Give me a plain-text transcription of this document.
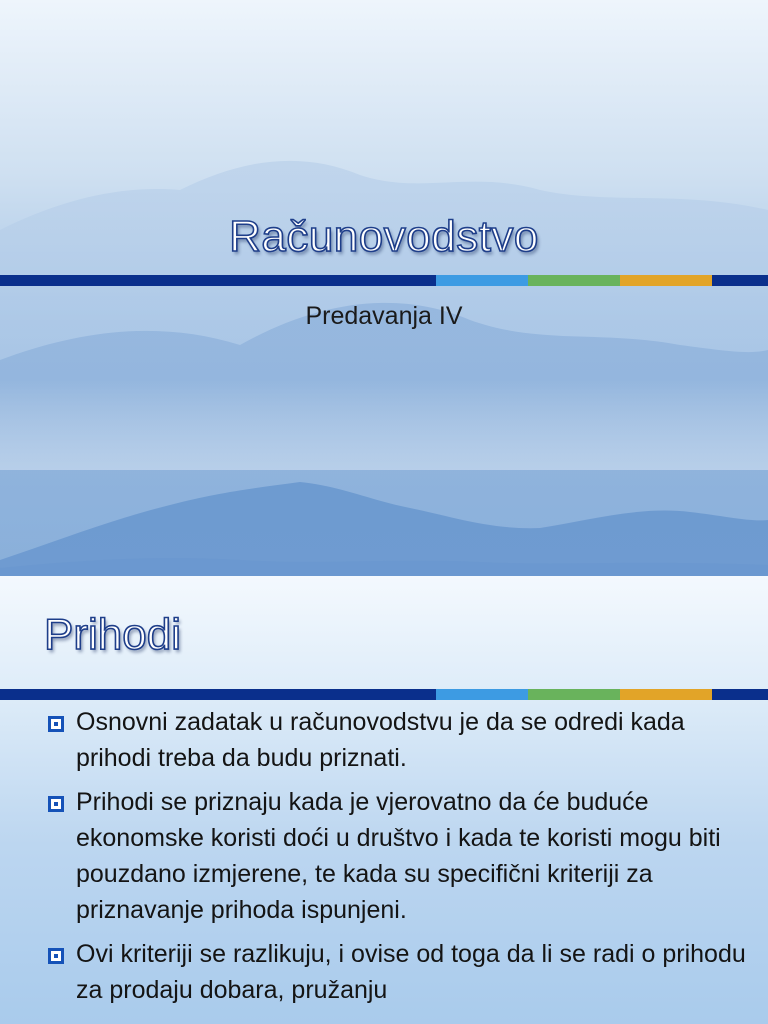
Računovodstvo
Predavanja IV
Prihodi
Osnovni zadatak u računovodstvu je da se odredi kada prihodi treba da budu priznati.
Prihodi se priznaju kada je vjerovatno da će buduće ekonomske koristi doći u društvo i kada te koristi mogu biti pouzdano izmjerene, te kada su specifični kriteriji za priznavanje prihoda ispunjeni.
Ovi kriteriji se razlikuju, i ovise od toga da li se radi o prihodu za prodaju dobara, pružanju
